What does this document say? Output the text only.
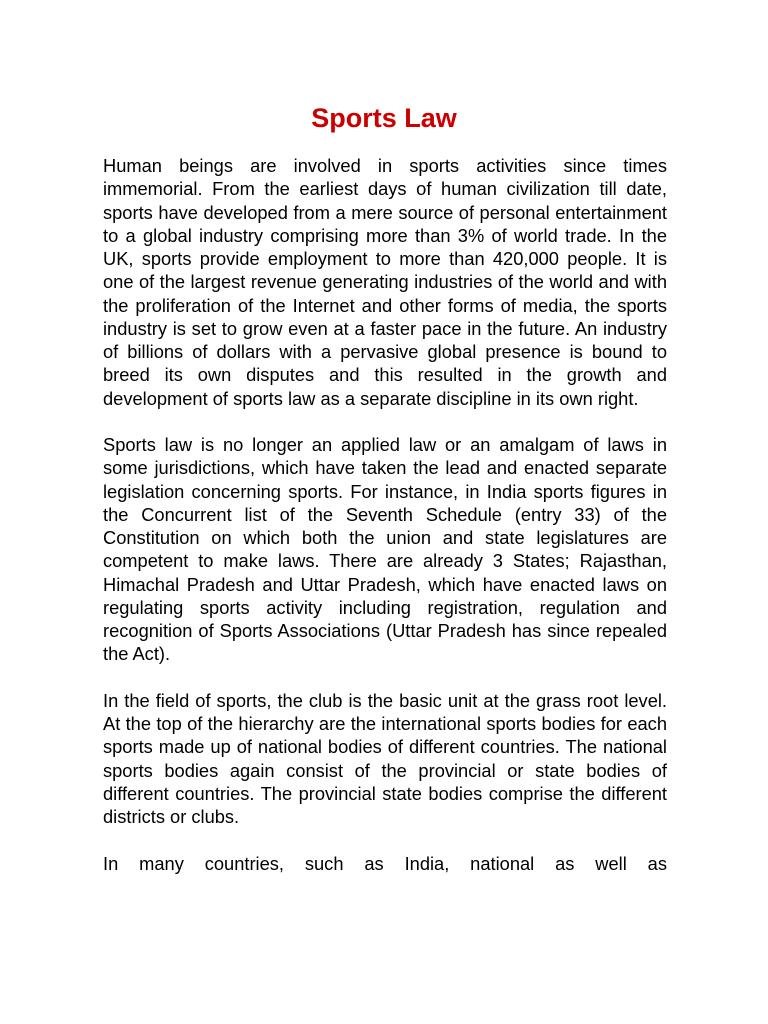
Sports Law

Human beings are involved in sports activities since times immemorial. From the earliest days of human civilization till date, sports have developed from a mere source of personal entertainment to a global industry comprising more than 3% of world trade. In the UK, sports provide employment to more than 420,000 people. It is one of the largest revenue generating industries of the world and with the proliferation of the Internet and other forms of media, the sports industry is set to grow even at a faster pace in the future. An industry of billions of dollars with a pervasive global presence is bound to breed its own disputes and this resulted in the growth and development of sports law as a separate discipline in its own right.

Sports law is no longer an applied law or an amalgam of laws in some jurisdictions, which have taken the lead and enacted separate legislation concerning sports. For instance, in India sports figures in the Concurrent list of the Seventh Schedule (entry 33) of the Constitution on which both the union and state legislatures are competent to make laws. There are already 3 States; Rajasthan, Himachal Pradesh and Uttar Pradesh, which have enacted laws on regulating sports activity including registration, regulation and recognition of Sports Associations (Uttar Pradesh has since repealed the Act).

In the field of sports, the club is the basic unit at the grass root level. At the top of the hierarchy are the international sports bodies for each sports made up of national bodies of different countries. The national sports bodies again consist of the provincial or state bodies of different countries. The provincial state bodies comprise the different districts or clubs.

In many countries, such as India, national as well as
